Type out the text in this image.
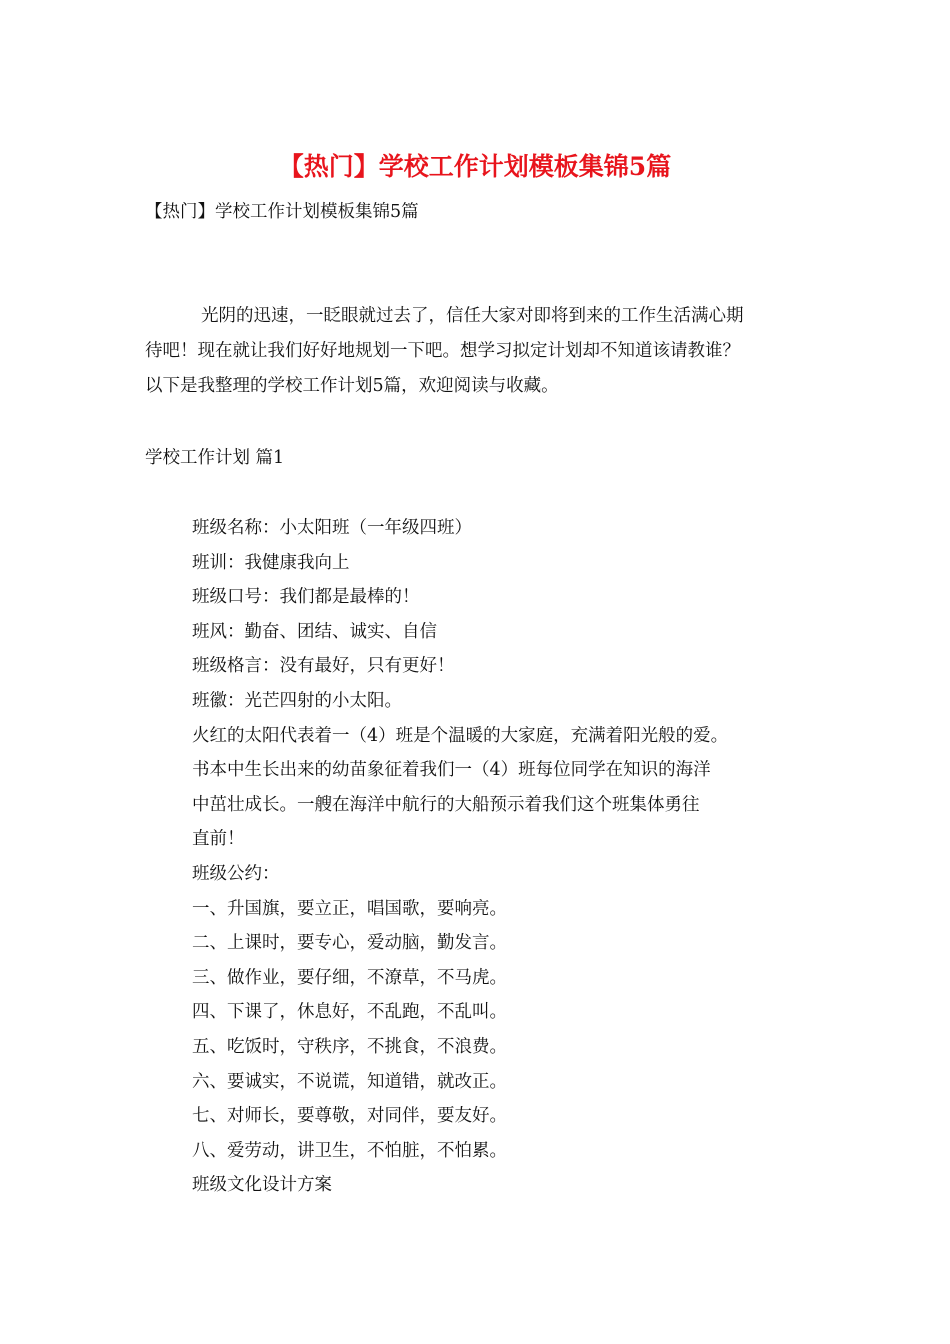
【热门】学校工作计划模板集锦5篇

【热门】学校工作计划模板集锦5篇

光阴的迅速，一眨眼就过去了，信任大家对即将到来的工作生活满心期
待吧！现在就让我们好好地规划一下吧。想学习拟定计划却不知道该请教谁？
以下是我整理的学校工作计划5篇，欢迎阅读与收藏。

学校工作计划 篇1

班级名称：小太阳班（一年级四班）
班训：我健康我向上
班级口号：我们都是最棒的！
班风：勤奋、团结、诚实、自信
班级格言：没有最好，只有更好！
班徽：光芒四射的小太阳。
火红的太阳代表着一（4）班是个温暖的大家庭，充满着阳光般的爱。
书本中生长出来的幼苗象征着我们一（4）班每位同学在知识的海洋
中茁壮成长。一艘在海洋中航行的大船预示着我们这个班集体勇往
直前！
班级公约：
一、升国旗，要立正，唱国歌，要响亮。
二、上课时，要专心，爱动脑，勤发言。
三、做作业，要仔细，不潦草，不马虎。
四、下课了，休息好，不乱跑，不乱叫。
五、吃饭时，守秩序，不挑食，不浪费。
六、要诚实，不说谎，知道错，就改正。
七、对师长，要尊敬，对同伴，要友好。
八、爱劳动，讲卫生，不怕脏，不怕累。
班级文化设计方案
